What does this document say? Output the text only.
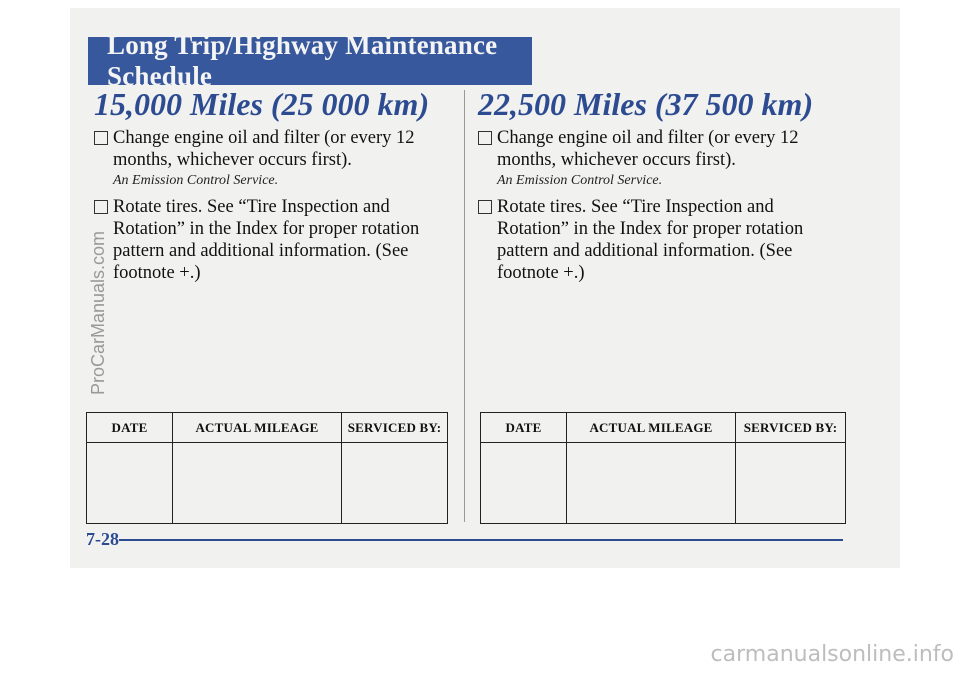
Long Trip/Highway Maintenance Schedule
15,000 Miles (25 000 km)
Change engine oil and filter (or every 12 months, whichever occurs first).
An Emission Control Service.
Rotate tires. See “Tire Inspection and Rotation” in the Index for proper rotation pattern and additional information. (See footnote +.)
DATE	ACTUAL MILEAGE	SERVICED BY:
22,500 Miles (37 500 km)
Change engine oil and filter (or every 12 months, whichever occurs first).
An Emission Control Service.
Rotate tires. See “Tire Inspection and Rotation” in the Index for proper rotation pattern and additional information. (See footnote +.)
DATE	ACTUAL MILEAGE	SERVICED BY:
7-28
ProCarManuals.com
carmanualsonline.info
